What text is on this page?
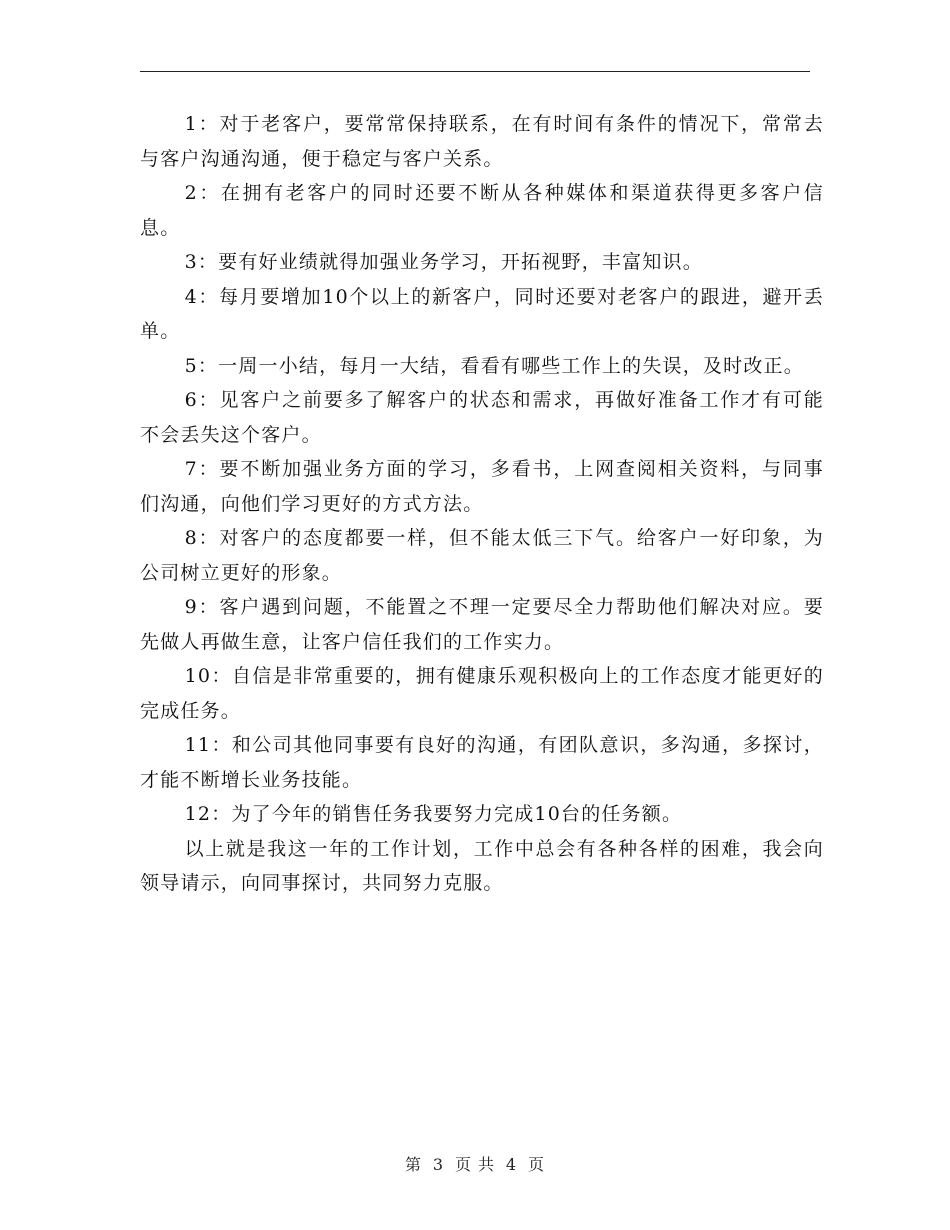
1：对于老客户，要常常保持联系，在有时间有条件的情况下，常常去与客户沟通沟通，便于稳定与客户关系。

2：在拥有老客户的同时还要不断从各种媒体和渠道获得更多客户信息。

3：要有好业绩就得加强业务学习，开拓视野，丰富知识。

4：每月要增加10个以上的新客户，同时还要对老客户的跟进，避开丢单。

5：一周一小结，每月一大结，看看有哪些工作上的失误，及时改正。

6：见客户之前要多了解客户的状态和需求，再做好准备工作才有可能不会丢失这个客户。

7：要不断加强业务方面的学习，多看书，上网查阅相关资料，与同事们沟通，向他们学习更好的方式方法。

8：对客户的态度都要一样，但不能太低三下气。给客户一好印象，为公司树立更好的形象。

9：客户遇到问题，不能置之不理一定要尽全力帮助他们解决对应。要先做人再做生意，让客户信任我们的工作实力。

10：自信是非常重要的，拥有健康乐观积极向上的工作态度才能更好的完成任务。

11：和公司其他同事要有良好的沟通，有团队意识，多沟通，多探讨，才能不断增长业务技能。

12：为了今年的销售任务我要努力完成10台的任务额。

以上就是我这一年的工作计划，工作中总会有各种各样的困难，我会向领导请示，向同事探讨，共同努力克服。

第 3 页 共 4 页
